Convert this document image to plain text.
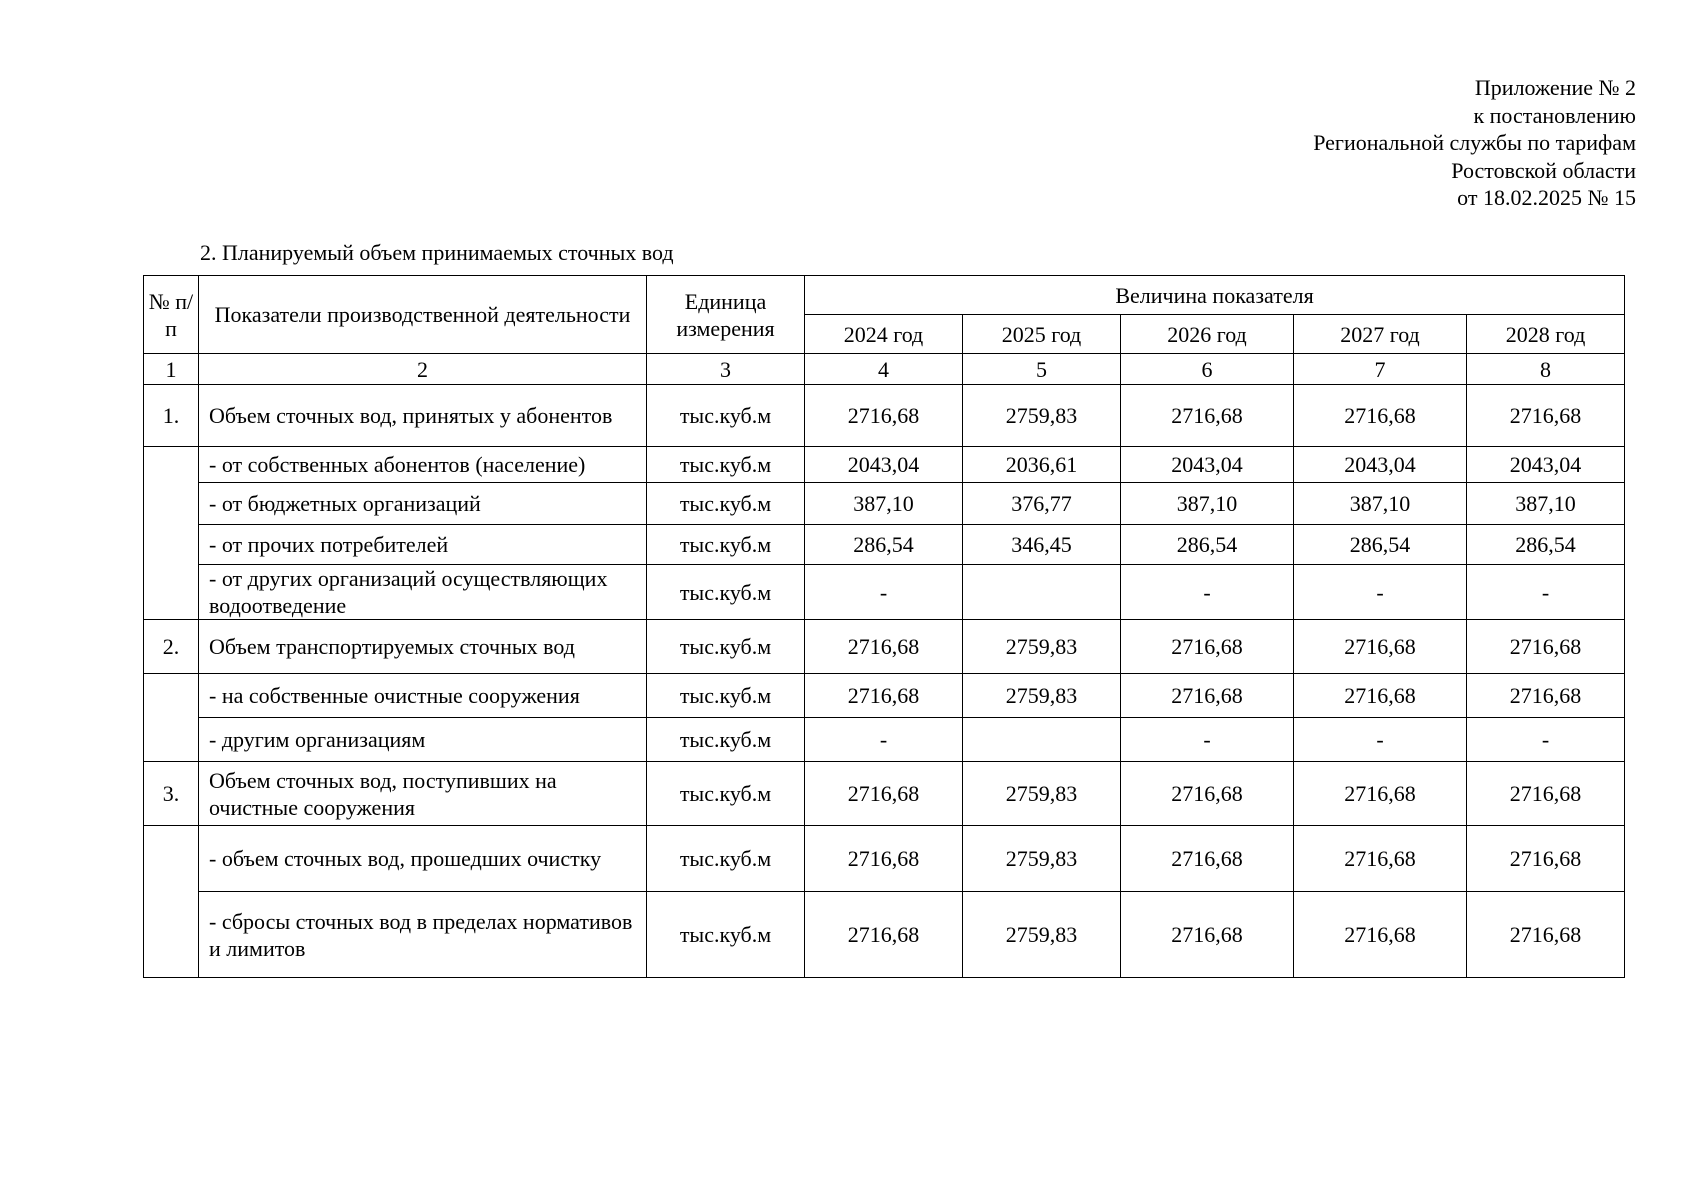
Приложение № 2
к постановлению
Региональной службы по тарифам
Ростовской области
от 18.02.2025 № 15
2. Планируемый объем принимаемых сточных вод
№ п/п	Показатели производственной деятельности	Единица измерения	Величина показателя				
			2024 год	2025 год	2026 год	2027 год	2028 год
1	2	3	4	5	6	7	8
1.	Объем сточных вод, принятых у абонентов	тыс.куб.м	2716,68	2759,83	2716,68	2716,68	2716,68
	- от собственных абонентов (население)	тыс.куб.м	2043,04	2036,61	2043,04	2043,04	2043,04
	- от бюджетных организаций	тыс.куб.м	387,10	376,77	387,10	387,10	387,10
	- от прочих потребителей	тыс.куб.м	286,54	346,45	286,54	286,54	286,54
	- от других организаций осуществляющих водоотведение	тыс.куб.м	-		-	-	-
2.	Объем транспортируемых сточных вод	тыс.куб.м	2716,68	2759,83	2716,68	2716,68	2716,68
	- на собственные очистные сооружения	тыс.куб.м	2716,68	2759,83	2716,68	2716,68	2716,68
	- другим организациям	тыс.куб.м	-		-	-	-
3.	Объем сточных вод, поступивших на очистные сооружения	тыс.куб.м	2716,68	2759,83	2716,68	2716,68	2716,68
	- объем сточных вод, прошедших очистку	тыс.куб.м	2716,68	2759,83	2716,68	2716,68	2716,68
	- сбросы сточных вод в пределах нормативов и лимитов	тыс.куб.м	2716,68	2759,83	2716,68	2716,68	2716,68
